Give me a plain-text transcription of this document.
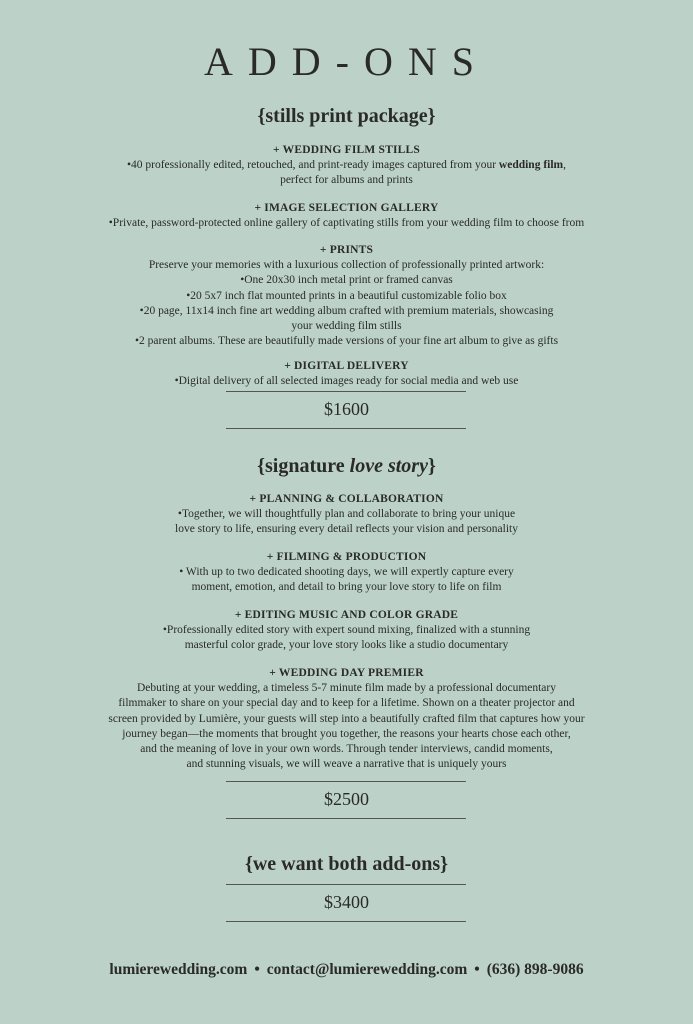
ADD-ONS
{stills print package}
+ WEDDING FILM STILLS
•40 professionally edited, retouched, and print-ready images captured from your wedding film,
perfect for albums and prints
+ IMAGE SELECTION GALLERY
•Private, password-protected online gallery of captivating stills from your wedding film to choose from
+ PRINTS
Preserve your memories with a luxurious collection of professionally printed artwork:
•One 20x30 inch metal print or framed canvas
•20 5x7 inch flat mounted prints in a beautiful customizable folio box
•20 page, 11x14 inch fine art wedding album crafted with premium materials, showcasing
your wedding film stills
•2 parent albums. These are beautifully made versions of your fine art album to give as gifts
+ DIGITAL DELIVERY
•Digital delivery of all selected images ready for social media and web use
$1600
{signature love story}
+ PLANNING & COLLABORATION
•Together, we will thoughtfully plan and collaborate to bring your unique
love story to life, ensuring every detail reflects your vision and personality
+ FILMING & PRODUCTION
• With up to two dedicated shooting days, we will expertly capture every
moment, emotion, and detail to bring your love story to life on film
+ EDITING MUSIC AND COLOR GRADE
•Professionally edited story with expert sound mixing, finalized with a stunning
masterful color grade, your love story looks like a studio documentary
+ WEDDING DAY PREMIER
Debuting at your wedding, a timeless 5-7 minute film made by a professional documentary
filmmaker to share on your special day and to keep for a lifetime. Shown on a theater projector and
screen provided by Lumière, your guests will step into a beautifully crafted film that captures how your
journey began—the moments that brought you together, the reasons your hearts chose each other,
and the meaning of love in your own words. Through tender interviews, candid moments,
and stunning visuals, we will weave a narrative that is uniquely yours
$2500
{we want both add-ons}
$3400
lumierewedding.com • contact@lumierewedding.com • (636) 898-9086
